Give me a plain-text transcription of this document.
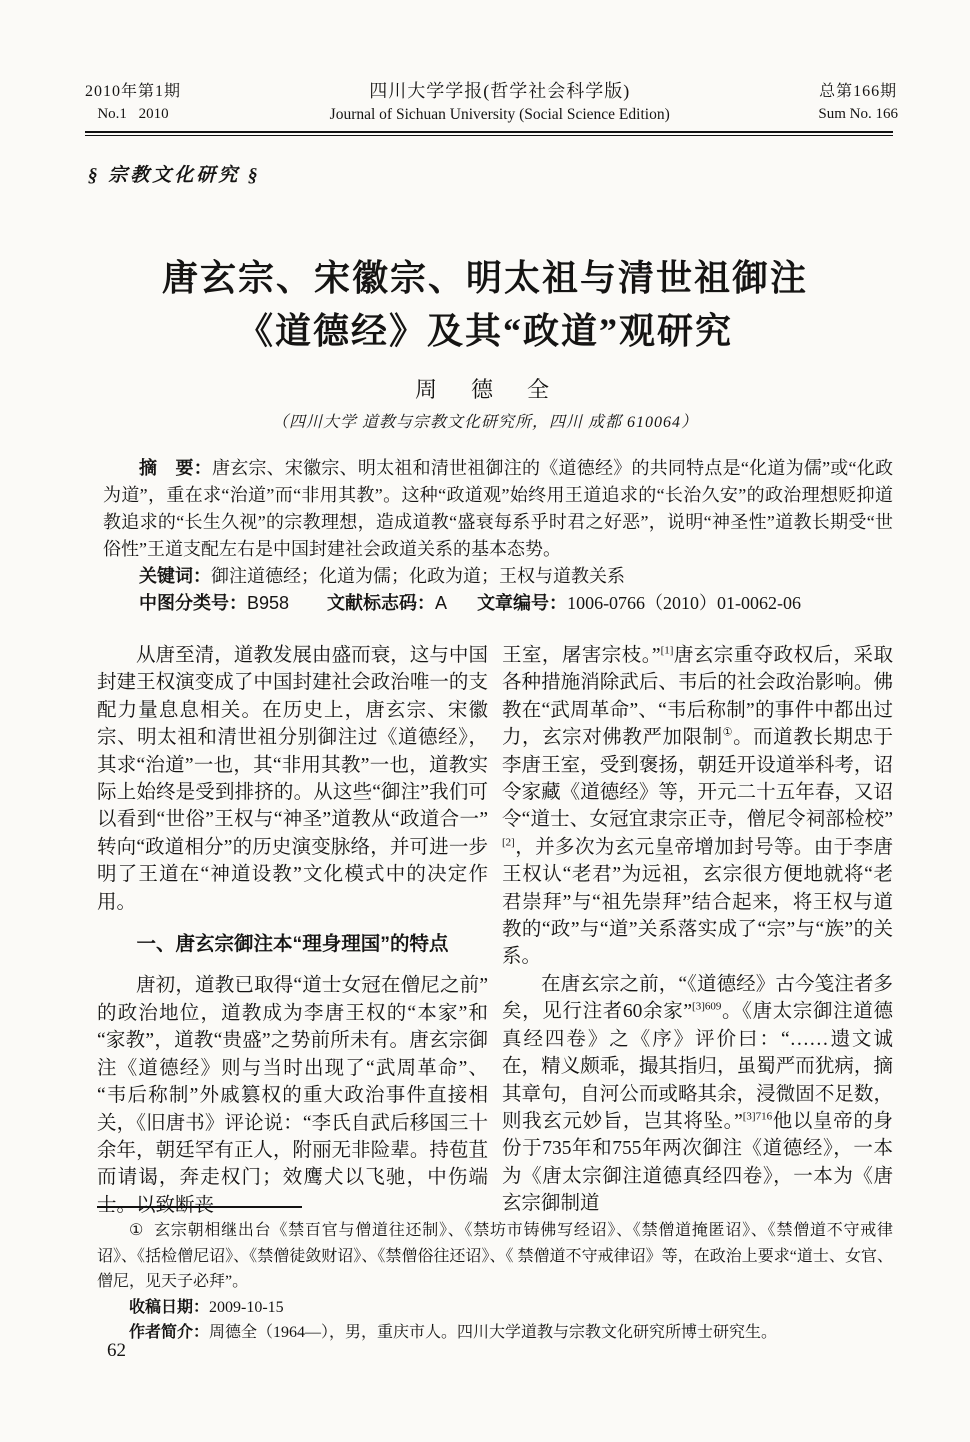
2010年第1期
No.1 2010
四川大学学报(哲学社会科学版)
Journal of Sichuan University (Social Science Edition)
总第166期
Sum No. 166
§ 宗教文化研究 §
唐玄宗、宋徽宗、明太祖与清世祖御注
《道德经》及其“政道”观研究
周　德　全
（四川大学 道教与宗教文化研究所，四川 成都 610064）

摘　要：唐玄宗、宋徽宗、明太祖和清世祖御注的《道德经》的共同特点是“化道为儒”或“化政为道”，重在求“治道”而“非用其教”。这种“政道观”始终用王道追求的“长治久安”的政治理想贬抑道教追求的“长生久视”的宗教理想，造成道教“盛衰每系乎时君之好恶”，说明“神圣性”道教长期受“世俗性”王道支配左右是中国封建社会政道关系的基本态势。

关键词：御注道德经；化道为儒；化政为道；王权与道教关系

中图分类号：B958 文献标志码：A 文章编号：1006-0766（2010）01-0062-06

从唐至清，道教发展由盛而衰，这与中国封建王权演变成了中国封建社会政治唯一的支配力量息息相关。在历史上，唐玄宗、宋徽宗、明太祖和清世祖分别御注过《道德经》，其求“治道”一也，其“非用其教”一也，道教实际上始终是受到排挤的。从这些“御注”我们可以看到“世俗”王权与“神圣”道教从“政道合一”转向“政道相分”的历史演变脉络，并可进一步明了王道在“神道设教”文化模式中的决定作用。

一、唐玄宗御注本“理身理国”的特点

唐初，道教已取得“道士女冠在僧尼之前”的政治地位，道教成为李唐王权的“本家”和“家教”，道教“贵盛”之势前所未有。唐玄宗御注《道德经》则与当时出现了“武周革命”、“韦后称制”外戚篡权的重大政治事件直接相关，《旧唐书》评论说：“李氏自武后移国三十余年，朝廷罕有正人，附丽无非险辈。持苞苴而请谒，奔走权门；效鹰犬以飞驰，中伤端士。以致断丧

王室，屠害宗枝。”[1]唐玄宗重夺政权后，采取各种措施消除武后、韦后的社会政治影响。佛教在“武周革命”、“韦后称制”的事件中都出过力，玄宗对佛教严加限制①。而道教长期忠于李唐王室，受到褒扬，朝廷开设道举科考，诏令家藏《道德经》等，开元二十五年春，又诏令“道士、女冠宜隶宗正寺，僧尼令祠部检校”[2]，并多次为玄元皇帝增加封号等。由于李唐王权认“老君”为远祖，玄宗很方便地就将“老君崇拜”与“祖先崇拜”结合起来，将王权与道教的“政”与“道”关系落实成了“宗”与“族”的关系。

在唐玄宗之前，“《道德经》古今笺注者多矣，见行注者60余家”$^{[3]609}$。《唐太宗御注道德真经四卷》之《序》评价曰：“……遗文诚在，精义颇乖，撮其指归，虽蜀严而犹病，摘其章句，自河公而或略其余，浸微固不足数，则我玄元妙旨，岂其将坠。”$^{[3]716}$他以皇帝的身份于735年和755年两次御注《道德经》，一本为《唐太宗御注道德真经四卷》，一本为《唐玄宗御制道

① 玄宗朝相继出台《禁百官与僧道往还制》、《禁坊市铸佛写经诏》、《禁僧道掩匿诏》、《禁僧道不守戒律诏》、《括检僧尼诏》、《禁僧徒敛财诏》、《禁僧俗往还诏》、《 禁僧道不守戒律诏》等，在政治上要求“道士、女官、僧尼，见天子必拜”。

收稿日期：2009-10-15

作者简介：周德全（1964—），男，重庆市人。四川大学道教与宗教文化研究所博士研究生。

62
